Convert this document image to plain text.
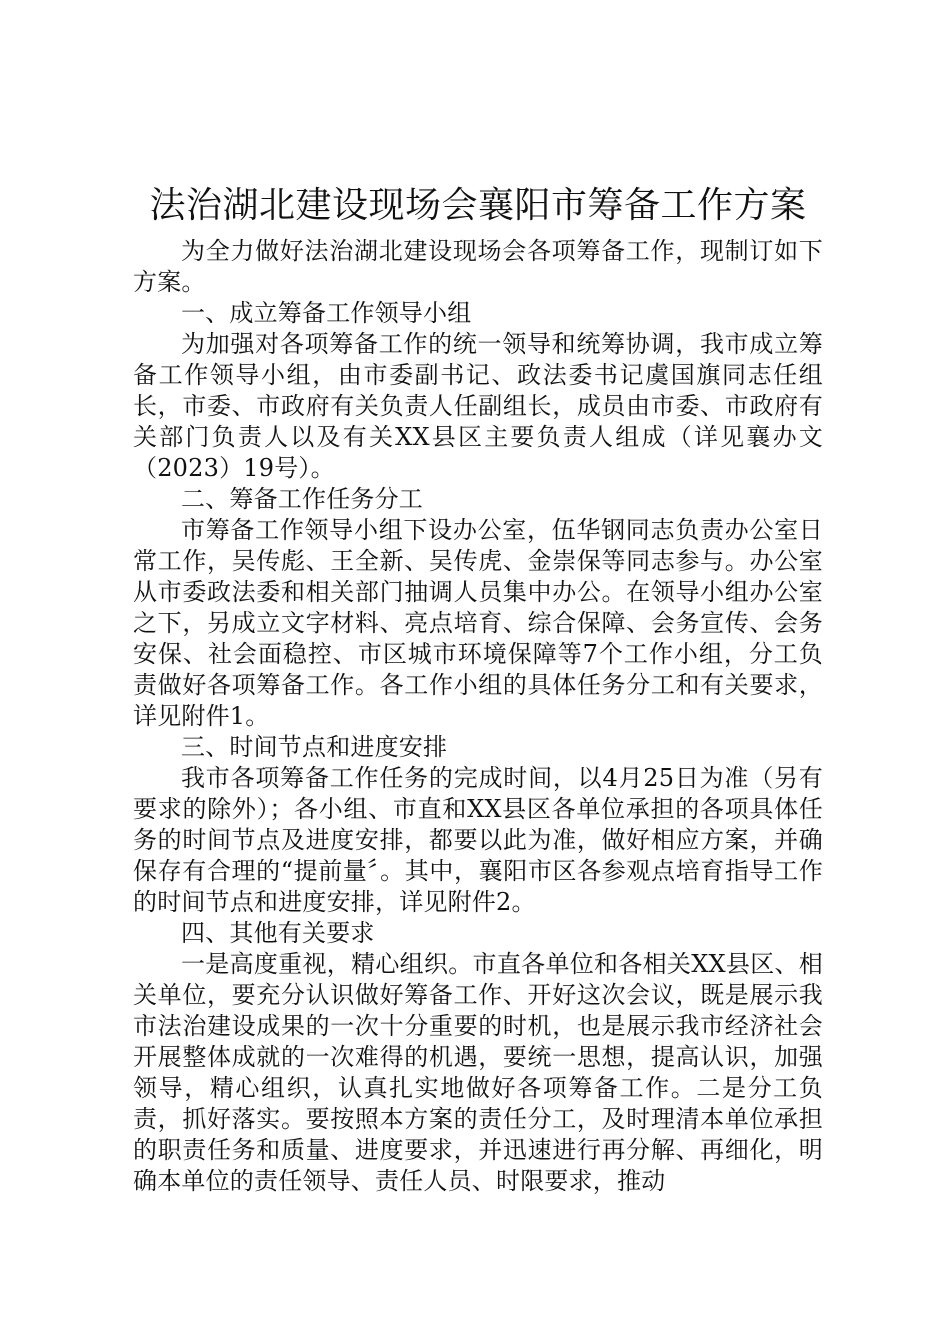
法治湖北建设现场会襄阳市筹备工作方案

为全力做好法治湖北建设现场会各项筹备工作，现制订如下方案。

一、成立筹备工作领导小组

为加强对各项筹备工作的统一领导和统筹协调，我市成立筹备工作领导小组，由市委副书记、政法委书记虞国旗同志任组长，市委、市政府有关负责人任副组长，成员由市委、市政府有关部门负责人以及有关XX县区主要负责人组成（详见襄办文（2023）19号）。

二、筹备工作任务分工

市筹备工作领导小组下设办公室，伍华钢同志负责办公室日常工作，吴传彪、王全新、吴传虎、金崇保等同志参与。办公室从市委政法委和相关部门抽调人员集中办公。在领导小组办公室之下，另成立文字材料、亮点培育、综合保障、会务宣传、会务安保、社会面稳控、市区城市环境保障等7个工作小组，分工负责做好各项筹备工作。各工作小组的具体任务分工和有关要求，详见附件1。

三、时间节点和进度安排

我市各项筹备工作任务的完成时间，以4月25日为准（另有要求的除外）；各小组、市直和XX县区各单位承担的各项具体任务的时间节点及进度安排，都要以此为准，做好相应方案，并确保存有合理的“提前量〞。其中，襄阳市区各参观点培育指导工作的时间节点和进度安排，详见附件2。

四、其他有关要求

一是高度重视，精心组织。市直各单位和各相关XX县区、相关单位，要充分认识做好筹备工作、开好这次会议，既是展示我市法治建设成果的一次十分重要的时机，也是展示我市经济社会开展整体成就的一次难得的机遇，要统一思想，提高认识，加强领导，精心组织，认真扎实地做好各项筹备工作。二是分工负责，抓好落实。要按照本方案的责任分工，及时理清本单位承担的职责任务和质量、进度要求，并迅速进行再分解、再细化，明确本单位的责任领导、责任人员、时限要求，推动
